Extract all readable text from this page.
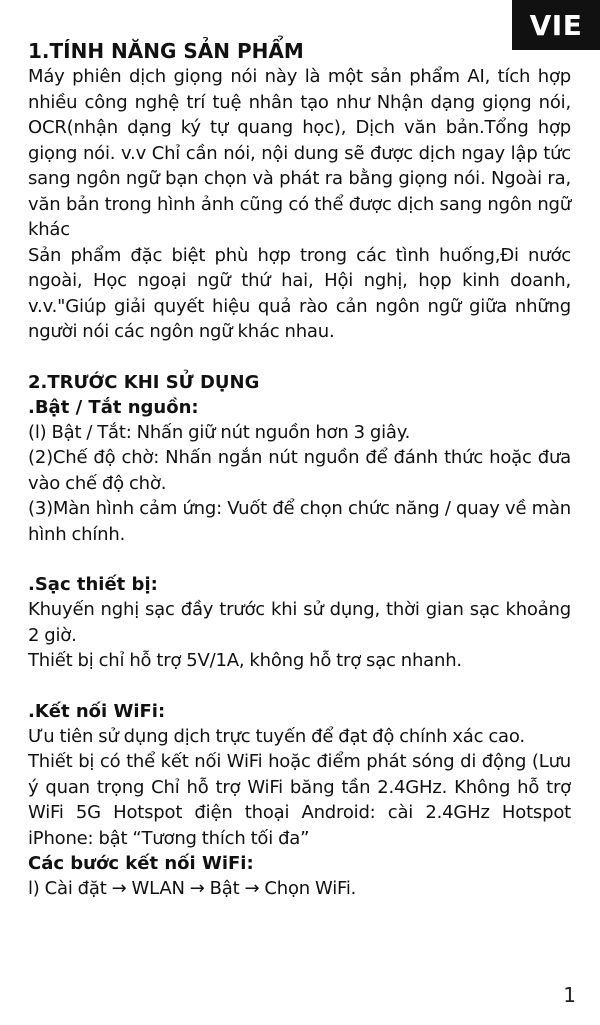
VIE
1.TÍNH NĂNG SẢN PHẨM

Máy phiên dịch giọng nói này là một sản phẩm AI, tích hợp nhiều công nghệ trí tuệ nhân tạo như Nhận dạng giọng nói, OCR(nhận dạng ký tự quang học), Dịch văn bản.Tổng hợp giọng nói. v.v Chỉ cần nói, nội dung sẽ được dịch ngay lập tức sang ngôn ngữ bạn chọn và phát ra bằng giọng nói. Ngoài ra, văn bản trong hình ảnh cũng có thể được dịch sang ngôn ngữ khác

Sản phẩm đặc biệt phù hợp trong các tình huống,Đi nước ngoài, Học ngoại ngữ thứ hai, Hội nghị, họp kinh doanh, v.v."Giúp giải quyết hiệu quả rào cản ngôn ngữ giữa những người nói các ngôn ngữ khác nhau.

2.TRƯỚC KHI SỬ DỤNG
.Bật / Tắt nguồn:

(l) Bật / Tắt: Nhấn giữ nút nguồn hơn 3 giây.

(2)Chế độ chờ: Nhấn ngắn nút nguồn để đánh thức hoặc đưa vào chế độ chờ.

(3)Màn hình cảm ứng: Vuốt để chọn chức năng / quay về màn hình chính.

.Sạc thiết bị:

Khuyến nghị sạc đầy trước khi sử dụng, thời gian sạc khoảng 2 giờ.

Thiết bị chỉ hỗ trợ 5V/1A, không hỗ trợ sạc nhanh.

.Kết nối WiFi:

Ưu tiên sử dụng dịch trực tuyến để đạt độ chính xác cao.

Thiết bị có thể kết nối WiFi hoặc điểm phát sóng di động (Lưu ý quan trọng Chỉ hỗ trợ WiFi băng tần 2.4GHz. Không hỗ trợ WiFi 5G Hotspot điện thoại Android: cài 2.4GHz Hotspot iPhone: bật “Tương thích tối đa”

Các bước kết nối WiFi:

l) Cài đặt → WLAN → Bật → Chọn WiFi.

1
